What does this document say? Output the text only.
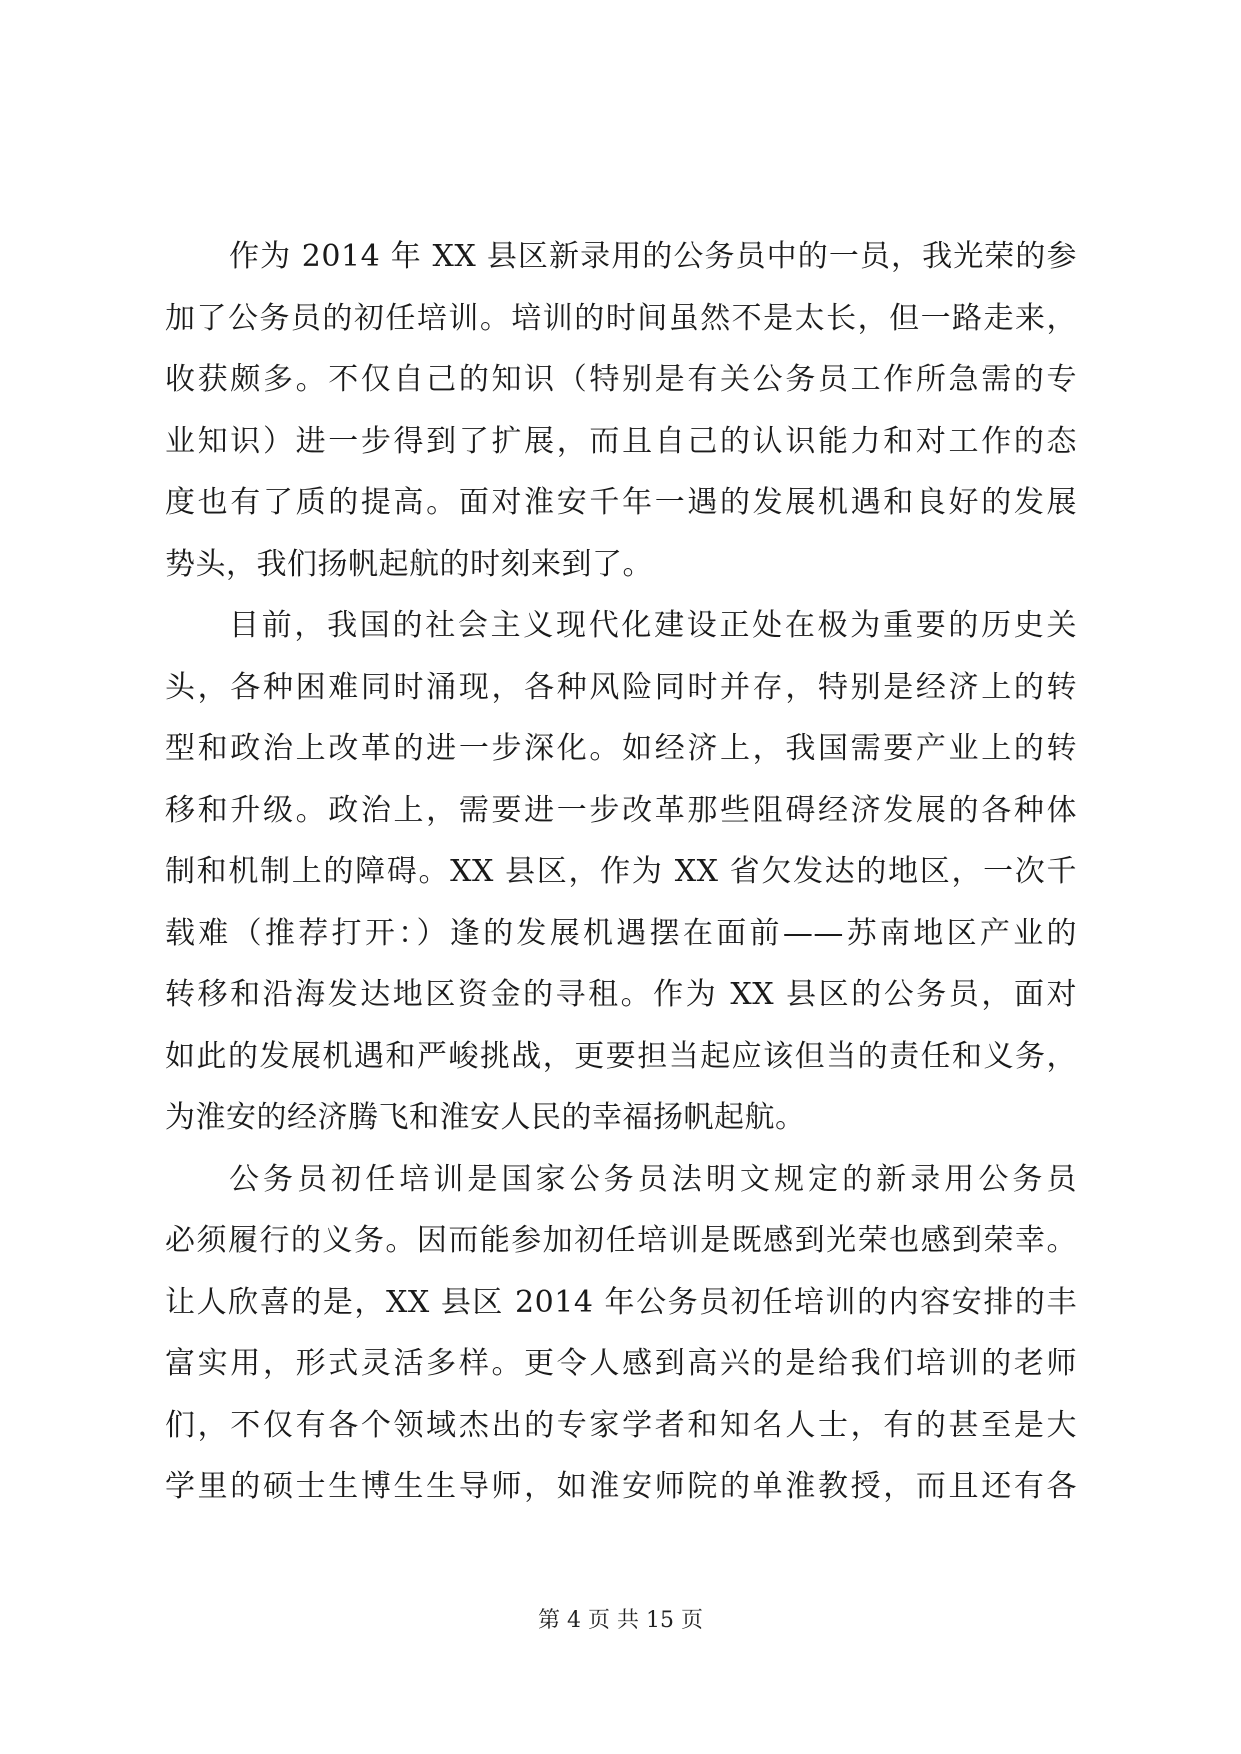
作为 2014 年 XX 县区新录用的公务员中的一员，我光荣的参
加了公务员的初任培训。培训的时间虽然不是太长，但一路走来，
收获颇多。不仅自己的知识（特别是有关公务员工作所急需的专
业知识）进一步得到了扩展，而且自己的认识能力和对工作的态
度也有了质的提高。面对淮安千年一遇的发展机遇和良好的发展
势头，我们扬帆起航的时刻来到了。
目前，我国的社会主义现代化建设正处在极为重要的历史关
头，各种困难同时涌现，各种风险同时并存，特别是经济上的转
型和政治上改革的进一步深化。如经济上，我国需要产业上的转
移和升级。政治上，需要进一步改革那些阻碍经济发展的各种体
制和机制上的障碍。XX 县区，作为 XX 省欠发达的地区，一次千
载难（推荐打开：）逢的发展机遇摆在面前——苏南地区产业的
转移和沿海发达地区资金的寻租。作为 XX 县区的公务员，面对
如此的发展机遇和严峻挑战，更要担当起应该但当的责任和义务，
为淮安的经济腾飞和淮安人民的幸福扬帆起航。
公务员初任培训是国家公务员法明文规定的新录用公务员
必须履行的义务。因而能参加初任培训是既感到光荣也感到荣幸。
让人欣喜的是，XX 县区 2014 年公务员初任培训的内容安排的丰
富实用，形式灵活多样。更令人感到高兴的是给我们培训的老师
们，不仅有各个领域杰出的专家学者和知名人士，有的甚至是大
学里的硕士生博生生导师，如淮安师院的单淮教授，而且还有各
第 4 页 共 15 页
